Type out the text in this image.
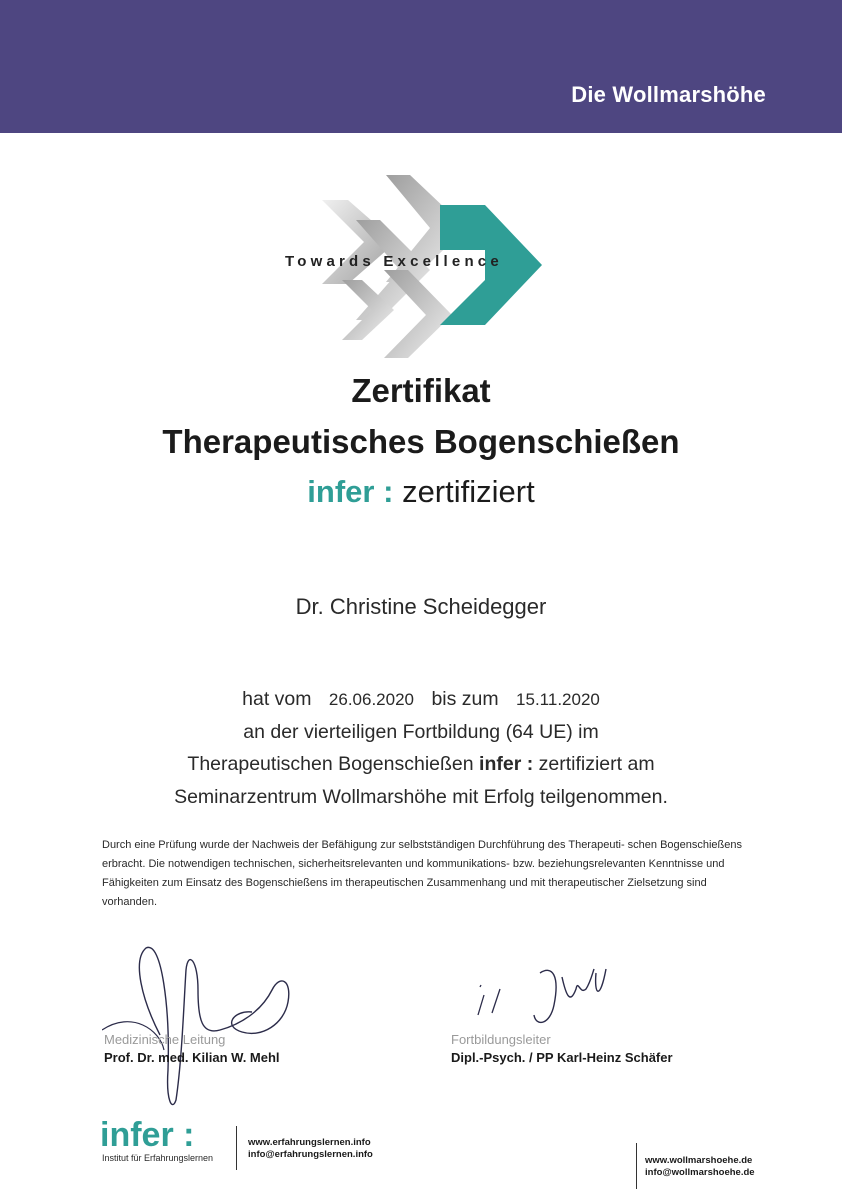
Die Wollmarshöhe
Towards Excellence
Zertifikat
Therapeutisches Bogenschießen
infer : zertifiziert
Dr. Christine Scheidegger
hat vom 26.06.2020 bis zum 15.11.2020
an der vierteiligen Fortbildung (64 UE) im
Therapeutischen Bogenschießen infer : zertifiziert am
Seminarzentrum Wollmarshöhe mit Erfolg teilgenommen.
Durch eine Prüfung wurde der Nachweis der Befähigung zur selbstständigen Durchführung des Therapeuti- schen Bogenschießens erbracht. Die notwendigen technischen, sicherheitsrelevanten und kommunikations- bzw. beziehungsrelevanten Kenntnisse und Fähigkeiten zum Einsatz des Bogenschießens im therapeutischen Zusammenhang und mit therapeutischer Zielsetzung sind vorhanden.
Medizinische Leitung
Prof. Dr. med. Kilian W. Mehl
Fortbildungsleiter
Dipl.-Psych. / PP Karl-Heinz Schäfer
infer :
Institut für Erfahrungslernen
www.erfahrungslernen.info
info@erfahrungslernen.info
www.wollmarshoehe.de
info@wollmarshoehe.de
